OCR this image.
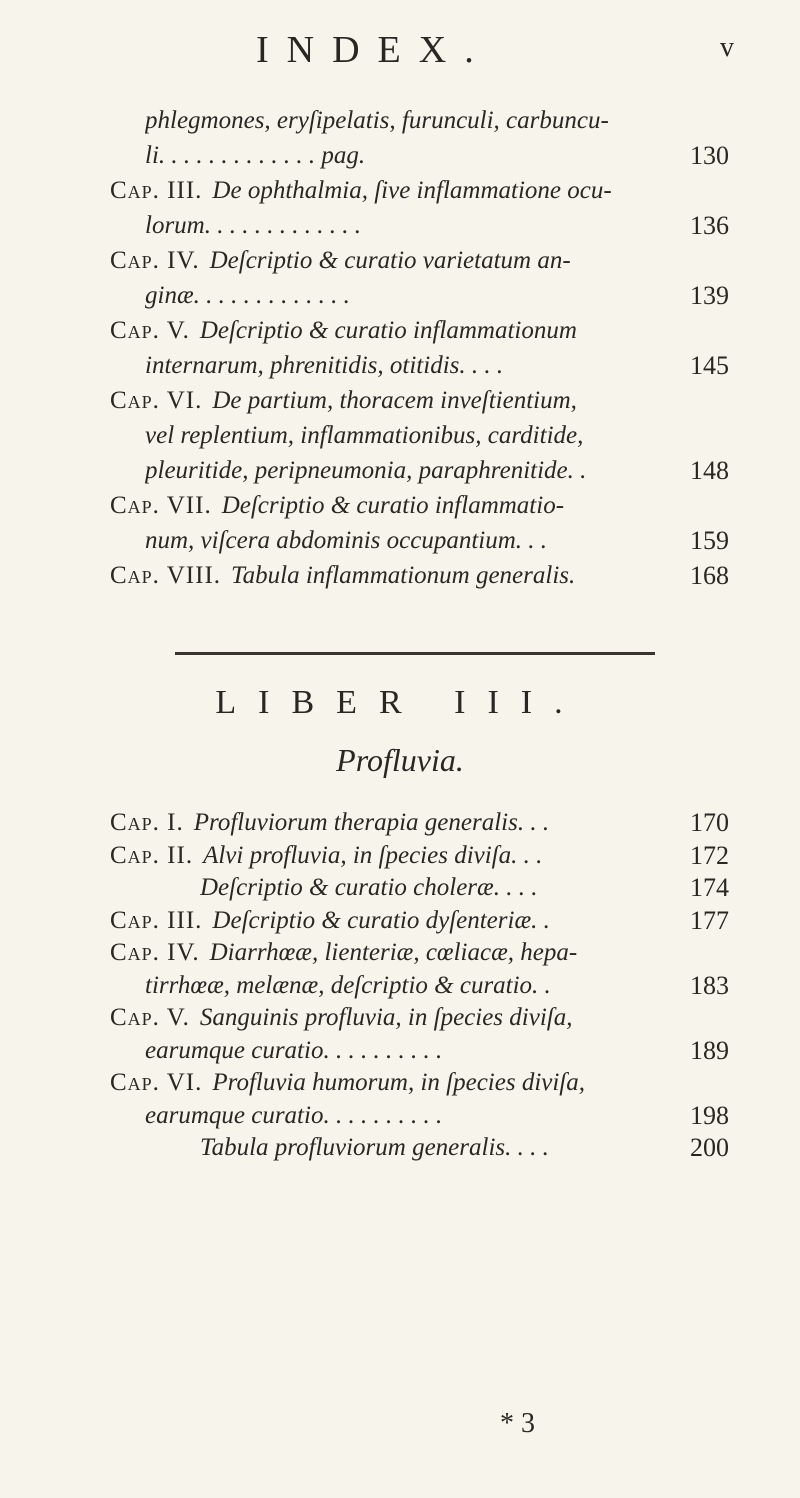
INDEX.	v
phlegmones, eryſipelatis, furunculi, carbuncu-
li. . . . . . . . . . . . . pag.	130
Cap. III. De ophthalmia, ſive inflammatione ocu-
lorum. . . . . . . . . . . . .	136
Cap. IV. Deſcriptio & curatio varietatum an-
ginæ. . . . . . . . . . . . .	139
Cap. V. Deſcriptio & curatio inflammationum
internarum, phrenitidis, otitidis. . . .	145
Cap. VI. De partium, thoracem inveſtientium,
vel replentium, inflammationibus, carditide,
pleuritide, peripneumonia, paraphrenitide. .	148
Cap. VII. Deſcriptio & curatio inflammatio-
num, viſcera abdominis occupantium. . .	159
Cap. VIII. Tabula inflammationum generalis.	168
LIBER III.
Profluvia.
Cap. I. Profluviorum therapia generalis. . .	170
Cap. II. Alvi profluvia, in ſpecies diviſa. . .	172
Deſcriptio & curatio choleræ. . . .	174
Cap. III. Deſcriptio & curatio dyſenteriæ. .	177
Cap. IV. Diarrhœæ, lienteriæ, cœliacæ, hepa-
tirrhœæ, melænæ, deſcriptio & curatio. .	183
Cap. V. Sanguinis profluvia, in ſpecies diviſa,
earumque curatio. . . . . . . . . .	189
Cap. VI. Profluvia humorum, in ſpecies diviſa,
earumque curatio. . . . . . . . . .	198
Tabula profluviorum generalis. . . .	200
* 3
